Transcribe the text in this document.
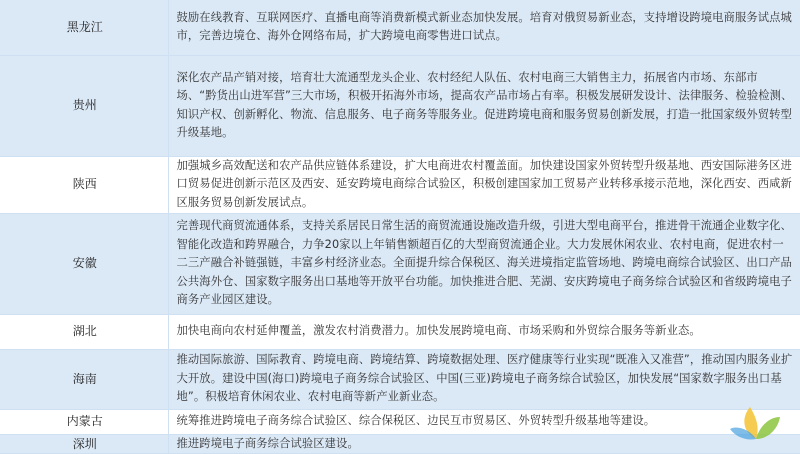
黑龙江	鼓励在线教育、互联网医疗、直播电商等消费新模式新业态加快发展。培育对俄贸易新业态，支持增设跨境电商服务试点城市，完善边境仓、海外仓网络布局，扩大跨境电商零售进口试点。
贵州	深化农产品产销对接，培育壮大流通型龙头企业、农村经纪人队伍、农村电商三大销售主力，拓展省内市场、东部市场、“黔货出山进军营”三大市场，积极开拓海外市场，提高农产品市场占有率。积极发展研发设计、法律服务、检验检测、知识产权、创新孵化、物流、信息服务、电子商务等服务业。促进跨境电商和服务贸易创新发展，打造一批国家级外贸转型升级基地。
陕西	加强城乡高效配送和农产品供应链体系建设，扩大电商进农村覆盖面。加快建设国家外贸转型升级基地、西安国际港务区进口贸易促进创新示范区及西安、延安跨境电商综合试验区，积极创建国家加工贸易产业转移承接示范地，深化西安、西咸新区服务贸易创新发展试点。
安徽	完善现代商贸流通体系，支持关系居民日常生活的商贸流通设施改造升级，引进大型电商平台，推进骨干流通企业数字化、智能化改造和跨界融合，力争20家以上年销售额超百亿的大型商贸流通企业。大力发展休闲农业、农村电商，促进农村一二三产融合补链强链，丰富乡村经济业态。全面提升综合保税区、海关进境指定监管场地、跨境电商综合试验区、出口产品公共海外仓、国家数字服务出口基地等开放平台功能。加快推进合肥、芜湖、安庆跨境电子商务综合试验区和省级跨境电子商务产业园区建设。
湖北	加快电商向农村延伸覆盖，激发农村消费潜力。加快发展跨境电商、市场采购和外贸综合服务等新业态。
海南	推动国际旅游、国际教育、跨境电商、跨境结算、跨境数据处理、医疗健康等行业实现“既准入又准营”，推动国内服务业扩大开放。建设中国(海口)跨境电子商务综合试验区、中国(三亚)跨境电子商务综合试验区，加快发展“国家数字服务出口基地”。积极培育休闲农业、农村电商等新产业新业态。
内蒙古	统筹推进跨境电子商务综合试验区、综合保税区、边民互市贸易区、外贸转型升级基地等建设。
深圳	推进跨境电子商务综合试验区建设。
